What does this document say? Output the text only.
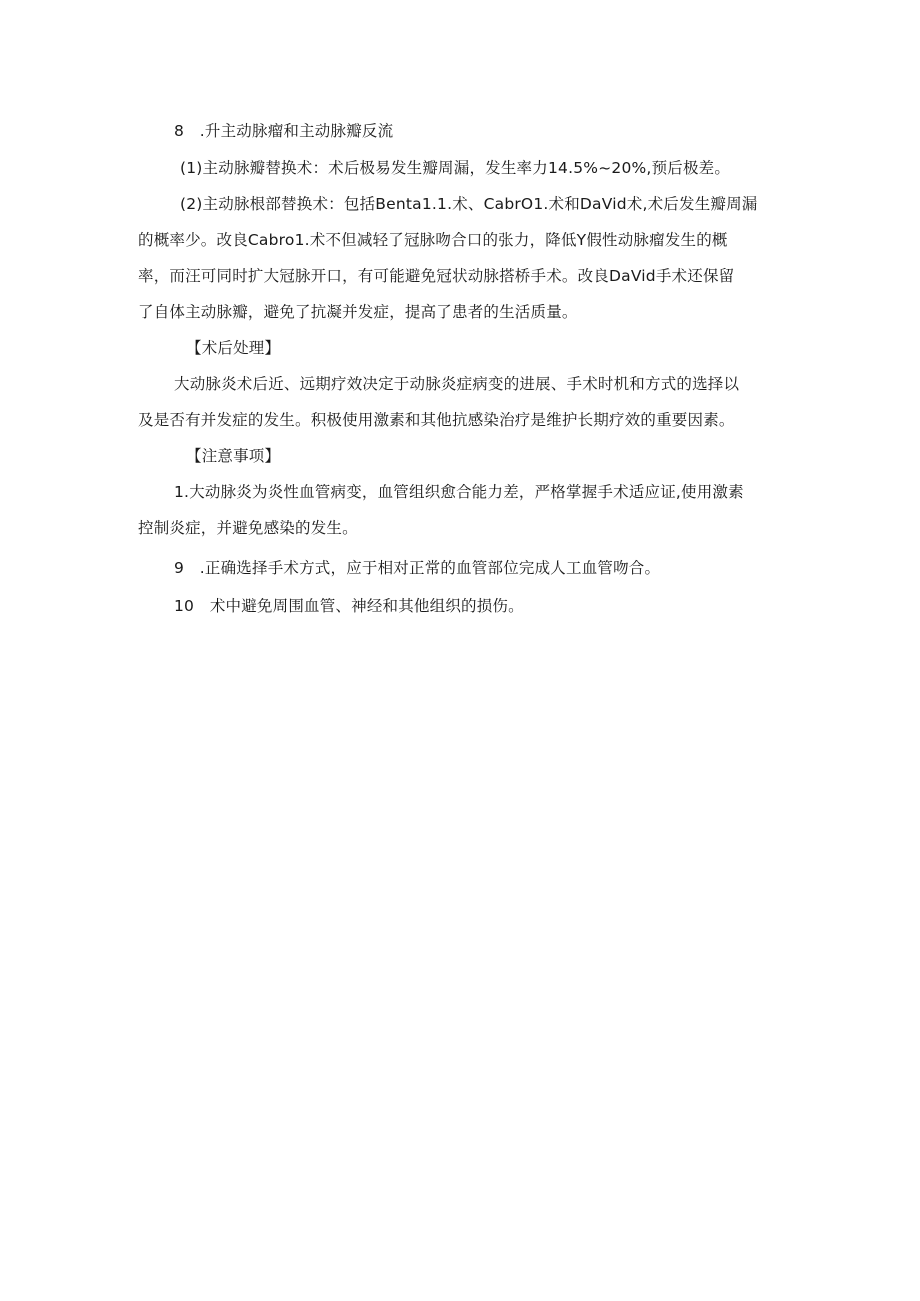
8　.升主动脉瘤和主动脉瓣反流
(1)主动脉瓣替换术：术后极易发生瓣周漏，发生率力14.5%~20%,预后极差。
(2)主动脉根部替换术：包括Benta1.1.术、CabrO1.术和DaVid术,术后发生瓣周漏
的概率少。改良Cabro1.术不但减轻了冠脉吻合口的张力，降低Y假性动脉瘤发生的概
率，而汪可同时扩大冠脉开口，有可能避免冠状动脉搭桥手术。改良DaVid手术还保留
了自体主动脉瓣，避免了抗凝并发症，提高了患者的生活质量。
【术后处理】
大动脉炎术后近、远期疗效决定于动脉炎症病变的进展、手术时机和方式的选择以
及是否有并发症的发生。积极使用激素和其他抗感染治疗是维护长期疗效的重要因素。
【注意事项】
1.大动脉炎为炎性血管病变，血管组织愈合能力差，严格掌握手术适应证,使用激素
控制炎症，并避免感染的发生。
9　.正确选择手术方式，应于相对正常的血管部位完成人工血管吻合。
10　术中避免周围血管、神经和其他组织的损伤。
